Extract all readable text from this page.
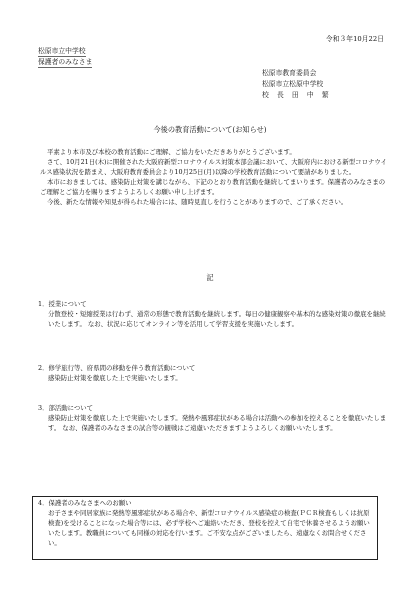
令和３年10月22日
松原市立中学校
保護者のみなさま
松原市教育委員会
松原市立松原中学校
校 長 田 中 繁
今後の教育活動について(お知らせ)

平素より本市及び本校の教育活動にご理解、ご協力をいただきありがとうございます。

さて、10月21日(木)に開催された大阪府新型コロナウイルス対策本部会議において、大阪府内における新型コロナウイルス感染状況を踏まえ、大阪府教育委員会より10月25日(月)以降の学校教育活動について要請がありました。

本市におきましては、感染防止対策を講じながら、下記のとおり教育活動を継続してまいります。保護者のみなさまのご理解とご協力を賜りますようよろしくお願い申し上げます。

今後、新たな情報や知見が得られた場合には、随時見直しを行うことがありますので、ご了承ください。

記

1．授業について

分散登校・短縮授業は行わず、通常の形態で教育活動を継続します。毎日の健康観察や基本的な感染対策の徹底を継続いたします。 なお、状況に応じてオンライン等を活用して学習支援を実施いたします。

2．修学旅行等、府県間の移動を伴う教育活動について

感染防止対策を徹底した上で実施いたします。

3．部活動について

感染防止対策を徹底した上で実施いたします。発熱や風邪症状がある場合は活動への参加を控えることを徹底いたします。 なお、保護者のみなさまの試合等の観戦はご遠慮いただきますようよろしくお願いいたします。

4．保護者のみなさまへのお願い

お子さまや同居家族に発熱等風邪症状がある場合や、新型コロナウイルス感染症の検査(ＰＣＲ検査もしくは抗原検査)を受けることになった場合等には、必ず学校へご連絡いただき、登校を控えて自宅で休養させるようお願いいたします。教職員についても同様の対応を行います。ご不安な点がございましたら、遠慮なくお問合せください。
